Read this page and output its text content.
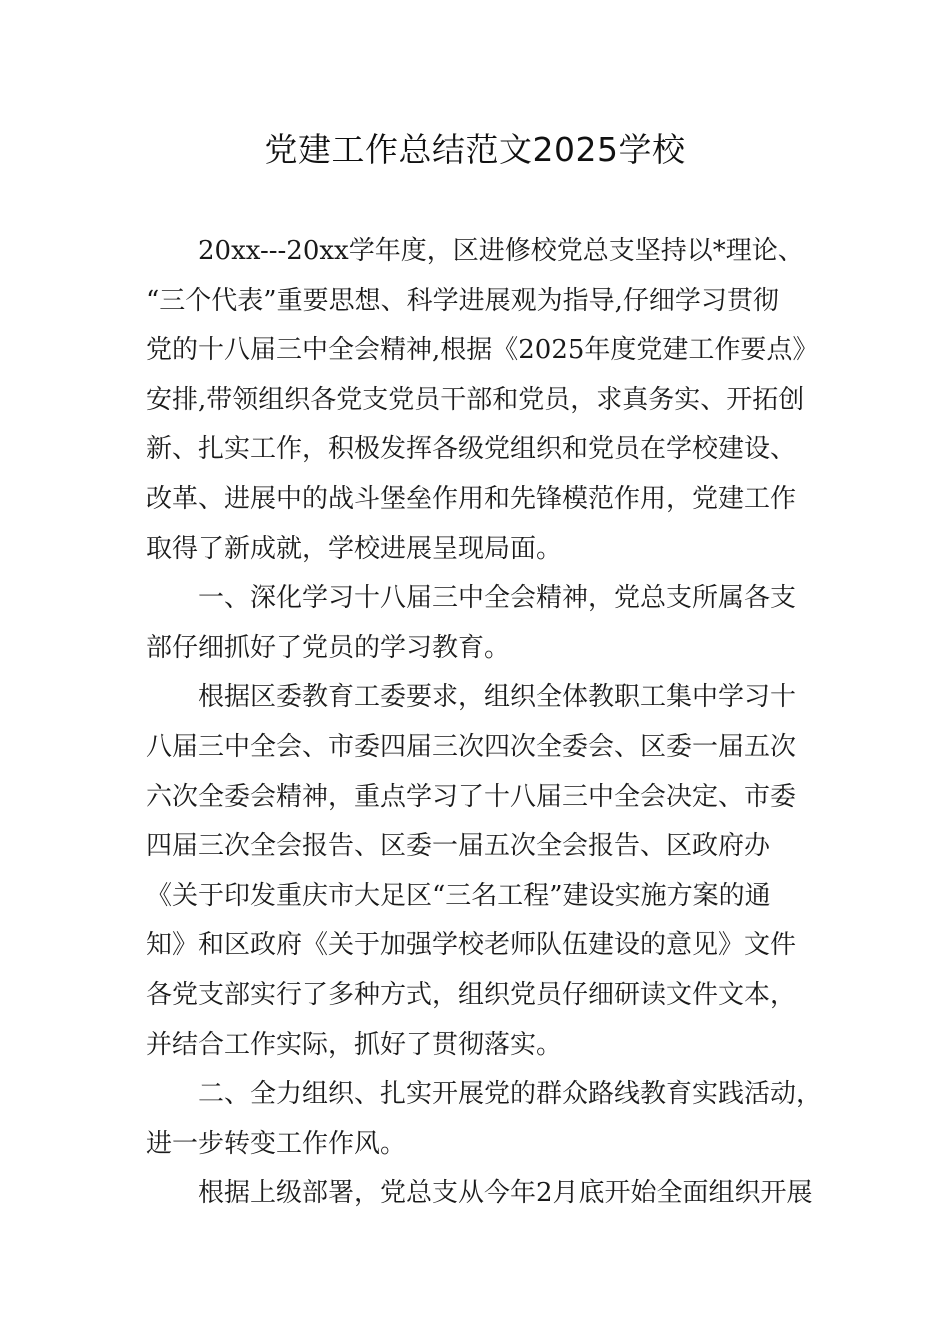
党建工作总结范文2025学校
20xx---20xx学年度，区进修校党总支坚持以*理论、
“三个代表”重要思想、科学进展观为指导,仔细学习贯彻
党的十八届三中全会精神,根据《2025年度党建工作要点》
安排,带领组织各党支党员干部和党员，求真务实、开拓创
新、扎实工作，积极发挥各级党组织和党员在学校建设、
改革、进展中的战斗堡垒作用和先锋模范作用，党建工作
取得了新成就，学校进展呈现局面。
一、深化学习十八届三中全会精神，党总支所属各支
部仔细抓好了党员的学习教育。
根据区委教育工委要求，组织全体教职工集中学习十
八届三中全会、市委四届三次四次全委会、区委一届五次
六次全委会精神，重点学习了十八届三中全会决定、市委
四届三次全会报告、区委一届五次全会报告、区政府办
《关于印发重庆市大足区“三名工程”建设实施方案的通
知》和区政府《关于加强学校老师队伍建设的意见》文件
各党支部实行了多种方式，组织党员仔细研读文件文本，
并结合工作实际，抓好了贯彻落实。
二、全力组织、扎实开展党的群众路线教育实践活动，
进一步转变工作作风。
根据上级部署，党总支从今年2月底开始全面组织开展
